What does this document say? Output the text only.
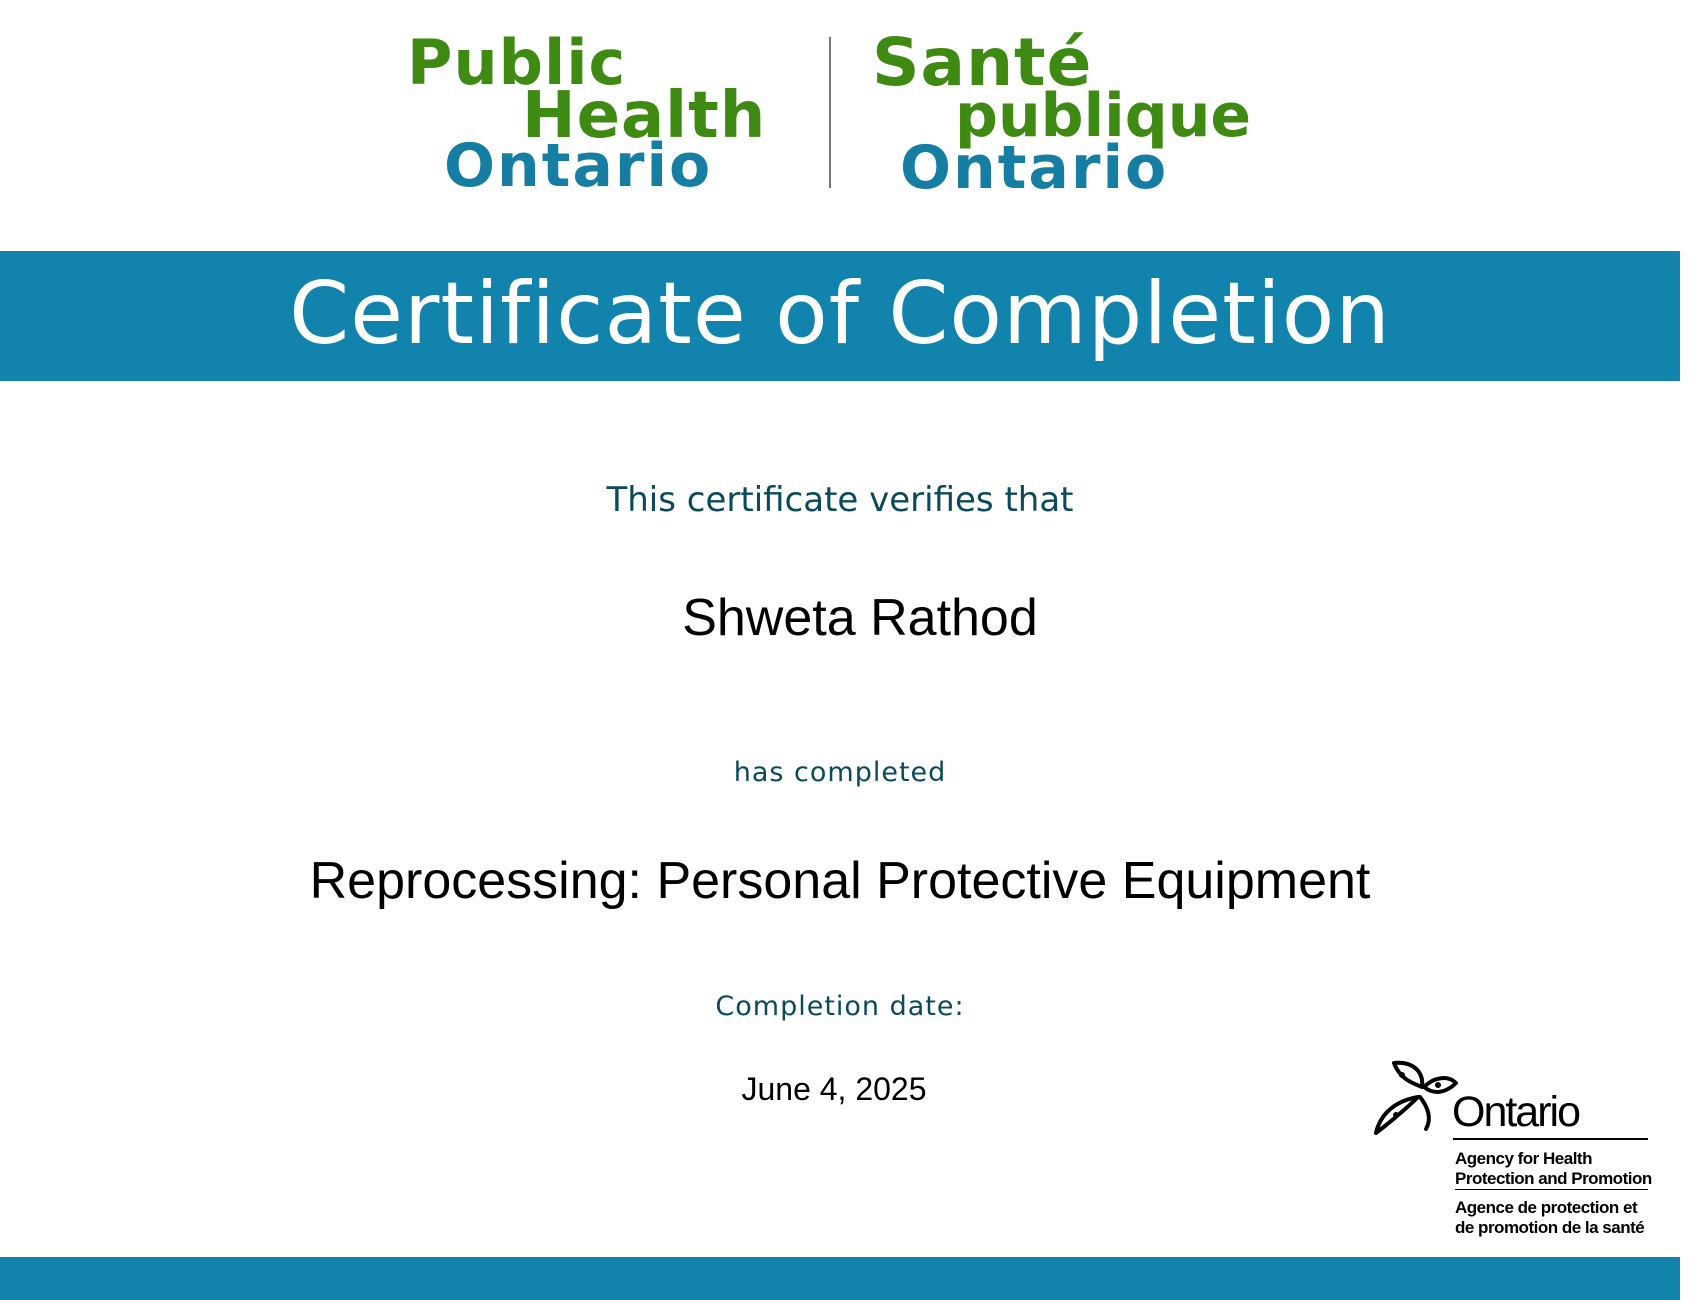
Public
Health
Ontario
Santé
publique
Ontario
Certificate of Completion
This certificate verifies that
Shweta Rathod
has completed
Reprocessing: Personal Protective Equipment
Completion date:
June 4, 2025	Ontario
Agency for Health
Protection and Promotion
Agence de protection et
de promotion de la santé
